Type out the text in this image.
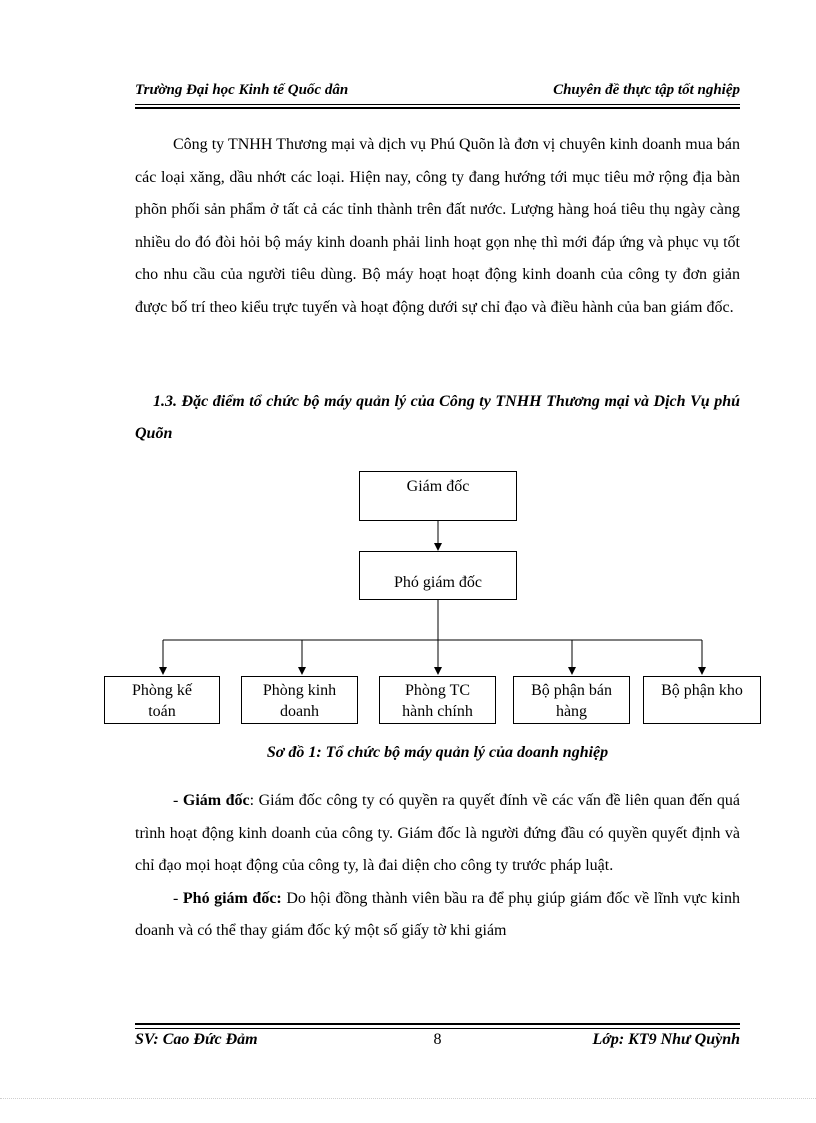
Trường Đại học Kinh tế Quốc dân	Chuyên đề thực tập tốt nghiệp

Công ty TNHH Thương mại và dịch vụ Phú Quõn là đơn vị chuyên kinh doanh mua bán các loại xăng, dầu nhớt các loại. Hiện nay, công ty đang hướng tới mục tiêu mở rộng địa bàn phõn phối sản phẩm ở tất cả các tỉnh thành trên đất nước. Lượng hàng hoá tiêu thụ ngày càng nhiều do đó đòi hỏi bộ máy kinh doanh phải linh hoạt gọn nhẹ thì mới đáp ứng và phục vụ tốt cho nhu cầu của người tiêu dùng. Bộ máy hoạt hoạt động kinh doanh của công ty đơn giản được bố trí theo kiểu trực tuyến và hoạt động dưới sự chỉ đạo và điều hành của ban giám đốc.

1.3. Đặc điểm tổ chức bộ máy quản lý của Công ty TNHH Thương mại và Dịch Vụ phú Quõn
Giám đốc
Phó giám đốc
Phòng kế
toán
Phòng kinh
doanh
Phòng TC
hành chính
Bộ phận bán
hàng
Bộ phận kho
Sơ đồ 1: Tổ chức bộ máy quản lý của doanh nghiệp

- Giám đốc: Giám đốc công ty có quyền ra quyết đính về các vấn đề liên quan đến quá trình hoạt động kinh doanh của công ty. Giám đốc là người đứng đầu có quyền quyết định và chỉ đạo mọi hoạt động của công ty, là đai diện cho công ty trước pháp luật.

- Phó giám đốc: Do hội đồng thành viên bầu ra để phụ giúp giám đốc về lĩnh vực kinh doanh và có thể thay giám đốc ký một số giấy tờ khi giám

SV: Cao Đức Đảm	8	Lớp: KT9 Như Quỳnh
